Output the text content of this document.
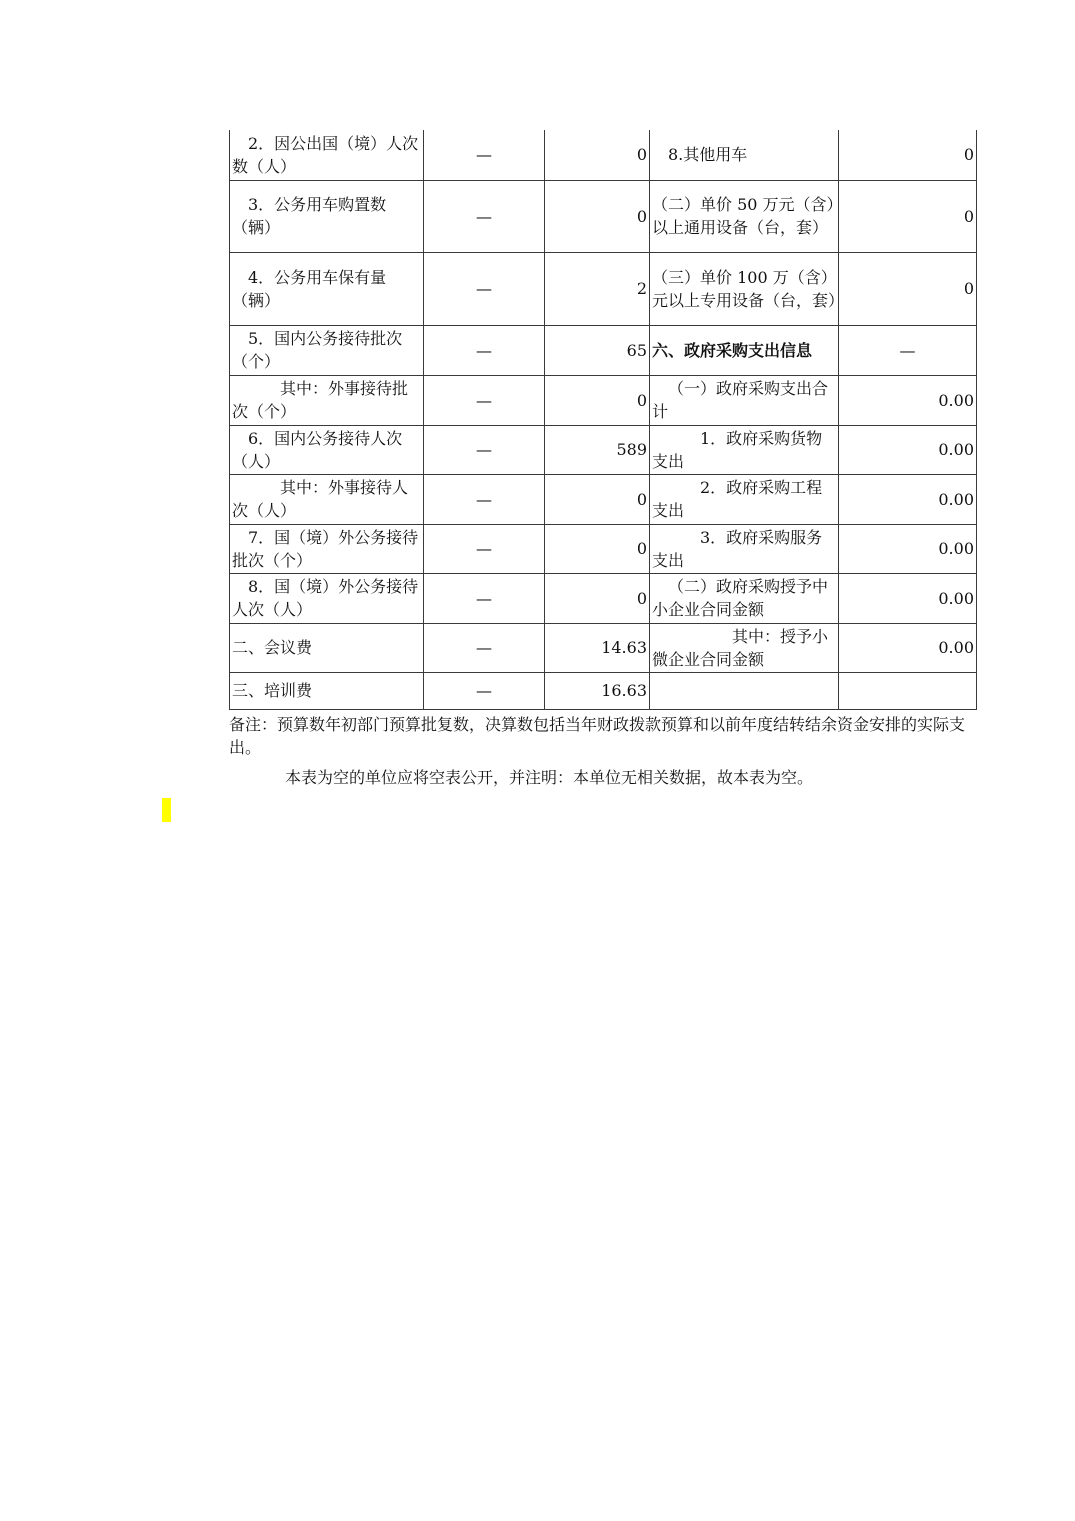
2．因公出国（境）人次数（人）	—	0	8.其他用车	0
3．公务用车购置数（辆）	—	0	（二）单价 50 万元（含）以上通用设备（台，套）	0
4．公务用车保有量（辆）	—	2	（三）单价 100 万（含）元以上专用设备（台，套）	0
5．国内公务接待批次（个）	—	65	六、政府采购支出信息	—
其中：外事接待批次（个）	—	0	（一）政府采购支出合计	0.00
6．国内公务接待人次（人）	—	589	1．政府采购货物支出	0.00
其中：外事接待人次（人）	—	0	2．政府采购工程支出	0.00
7．国（境）外公务接待批次（个）	—	0	3．政府采购服务支出	0.00
8．国（境）外公务接待人次（人）	—	0	（二）政府采购授予中小企业合同金额	0.00
二、会议费	—	14.63	其中：授予小微企业合同金额	0.00
三、培训费	—	16.63		
备注：预算数年初部门预算批复数，决算数包括当年财政拨款预算和以前年度结转结余资金安排的实际支出。
本表为空的单位应将空表公开，并注明：本单位无相关数据，故本表为空。
